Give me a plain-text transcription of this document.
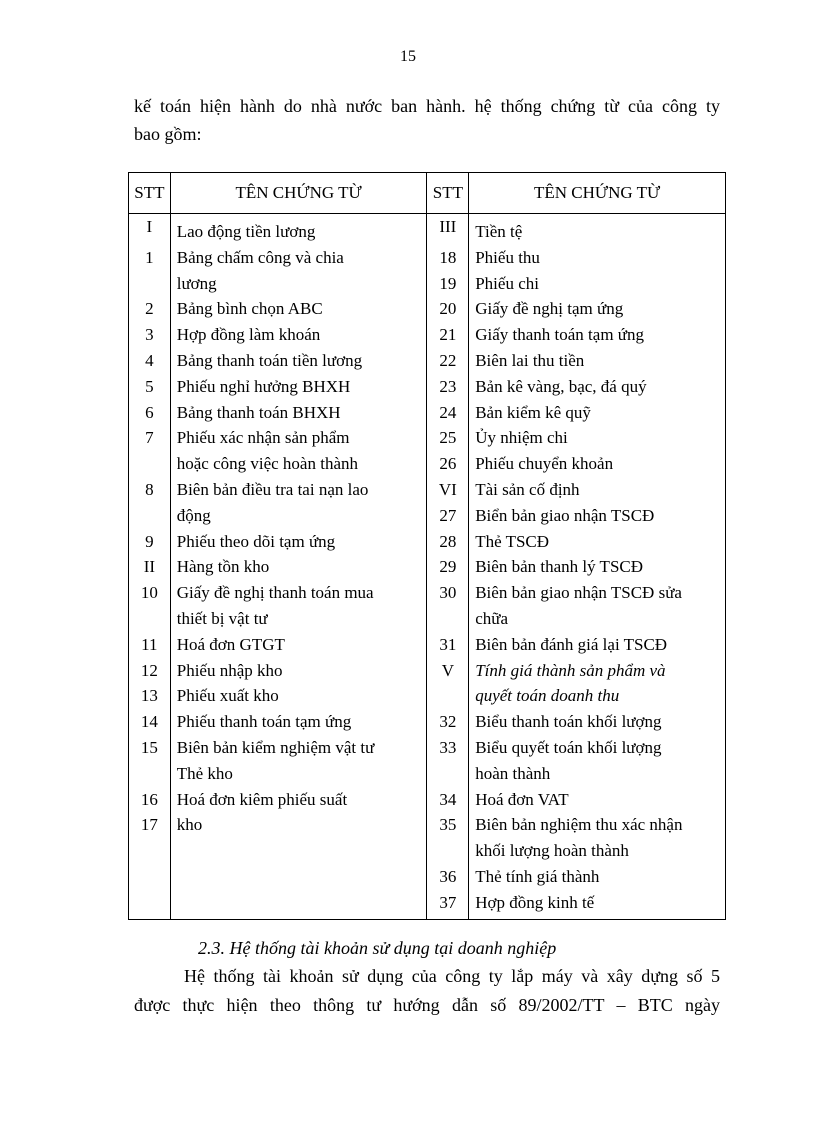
15
kế toán hiện hành do nhà nước ban hành. hệ thống chứng từ của công ty
bao gồm:
STT	TÊN CHỨNG TỪ	STT	TÊN CHỨNG TỪ
I	Lao động tiền lương	III	Tiền tệ
1	Bảng chấm công và chia	18	Phiếu thu
	lương	19	Phiếu chi
2	Bảng bình chọn ABC	20	Giấy đề nghị tạm ứng
3	Hợp đồng làm khoán	21	Giấy thanh toán tạm ứng
4	Bảng thanh toán tiền lương	22	Biên lai thu tiền
5	Phiếu nghỉ hưởng BHXH	23	Bản kê vàng, bạc, đá quý
6	Bảng thanh toán BHXH	24	Bản kiểm kê quỹ
7	Phiếu xác nhận sản phẩm	25	Ủy nhiệm chi
	hoặc công việc hoàn thành	26	Phiếu chuyển khoản
8	Biên bản điều tra tai nạn lao	VI	Tài sản cố định
	động	27	Biển bản giao nhận TSCĐ
9	Phiếu theo dõi tạm ứng	28	Thẻ TSCĐ
II	Hàng tồn kho	29	Biên bản thanh lý TSCĐ
10	Giấy đề nghị thanh toán mua	30	Biên bản giao nhận TSCĐ sửa
	thiết bị vật tư		chữa
11	Hoá đơn GTGT	31	Biên bản đánh giá lại TSCĐ
12	Phiếu nhập kho	V	Tính giá thành sản phẩm và
13	Phiếu xuất kho		quyết toán doanh thu
14	Phiếu thanh toán tạm ứng	32	Biểu thanh toán khối lượng
15	Biên bản kiểm nghiệm vật tư	33	Biểu quyết toán khối lượng
	Thẻ kho		hoàn thành
16	Hoá đơn kiêm phiếu suất	34	Hoá đơn VAT
17	kho	35	Biên bản nghiệm thu xác nhận
			khối lượng hoàn thành
		36	Thẻ tính giá thành
		37	Hợp đồng kinh tế
2.3. Hệ thống tài khoản sử dụng tại doanh nghiệp
Hệ thống tài khoản sử dụng của công ty lắp máy và xây dựng số 5
được thực hiện theo thông tư hướng dẫn số 89/2002/TT – BTC ngày
